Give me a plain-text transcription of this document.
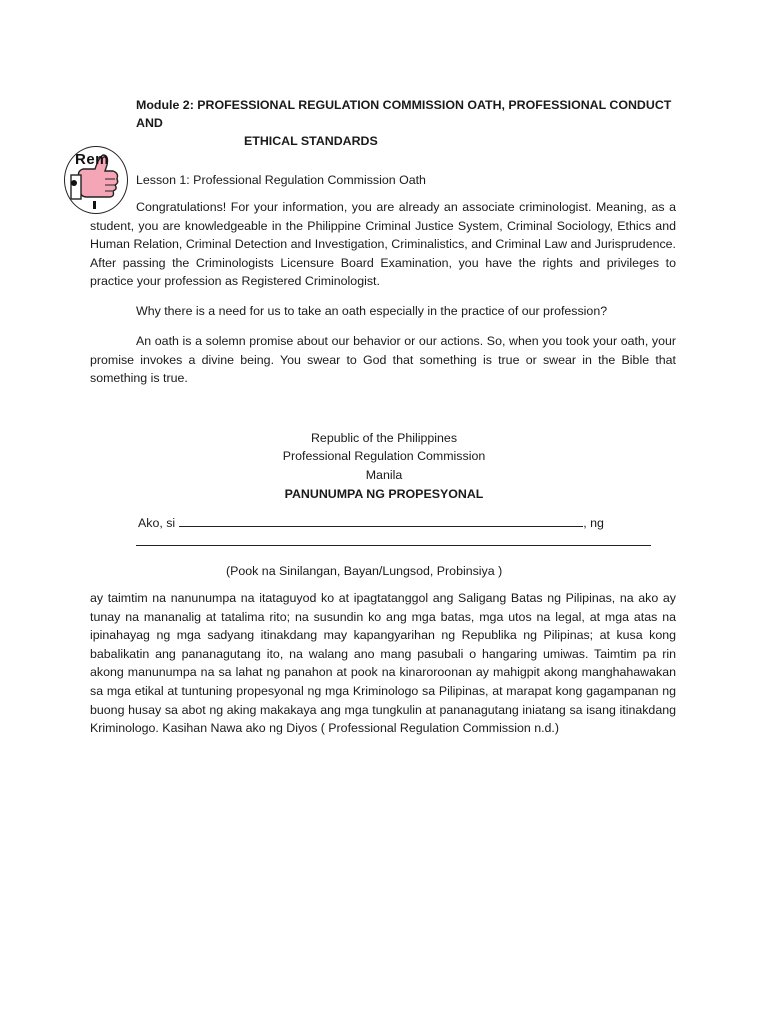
Module 2: PROFESSIONAL REGULATION COMMISSION OATH, PROFESSIONAL CONDUCT AND
ETHICAL STANDARDS
Rem
Lesson 1: Professional Regulation Commission Oath
Congratulations! For your information, you are already an associate criminologist. Meaning, as a student, you are knowledgeable in the Philippine Criminal Justice System, Criminal Sociology, Ethics and Human Relation, Criminal Detection and Investigation, Criminalistics, and Criminal Law and Jurisprudence. After passing the Criminologists Licensure Board Examination, you have the rights and privileges to practice your profession as Registered Criminologist.
Why there is a need for us to take an oath especially in the practice of our profession?
An oath is a solemn promise about our behavior or our actions. So, when you took your oath, your promise invokes a divine being. You swear to God that something is true or swear in the Bible that something is true.
Republic of the Philippines
Professional Regulation Commission
Manila
PANUNUMPA NG PROPESYONAL
Ako, si	, ng
(Pook na Sinilangan, Bayan/Lungsod, Probinsiya )
ay taimtim na nanunumpa na itataguyod ko at ipagtatanggol ang Saligang Batas ng Pilipinas, na ako ay tunay na mananalig at tatalima rito; na susundin ko ang mga batas, mga utos na legal, at mga atas na ipinahayag ng mga sadyang itinakdang may kapangyarihan ng Republika ng Pilipinas; at kusa kong babalikatin ang pananagutang ito, na walang ano mang pasubali o hangaring umiwas. Taimtim pa rin akong manunumpa na sa lahat ng panahon at pook na kinaroroonan ay mahigpit akong manghahawakan sa mga etikal at tuntuning propesyonal ng mga Kriminologo sa Pilipinas, at marapat kong gagampanan ng buong husay sa abot ng aking makakaya ang mga tungkulin at pananagutang iniatang sa isang itinakdang Kriminologo. Kasihan Nawa ako ng Diyos ( Professional Regulation Commission n.d.)
